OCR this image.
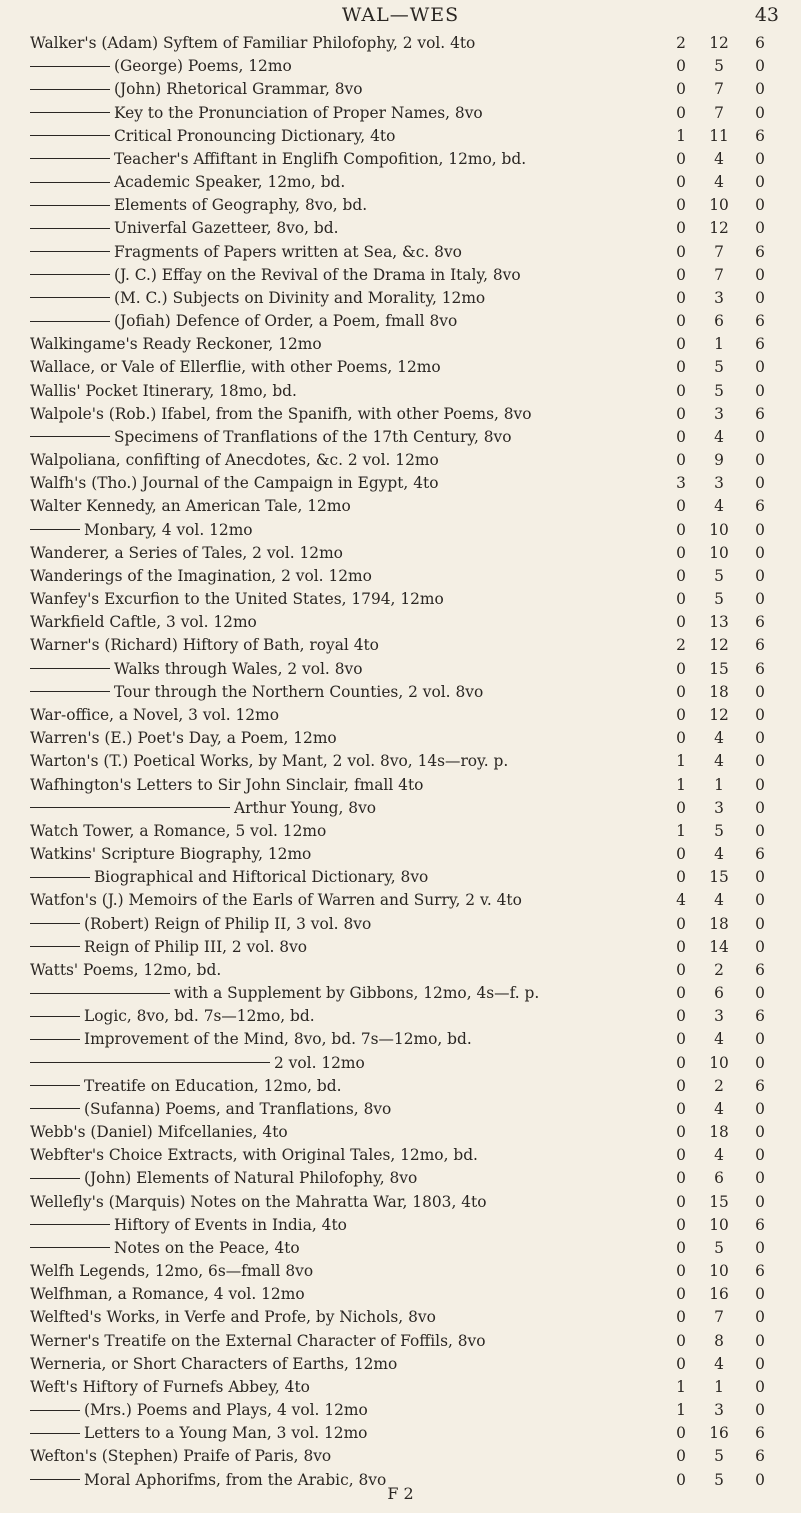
WAL—WES	43
Walker's (Adam) Syftem of Familiar Philofophy, 2 vol. 4to	2	12	6
(George) Poems, 12mo	0	5	0
(John) Rhetorical Grammar, 8vo	0	7	0
Key to the Pronunciation of Proper Names, 8vo	0	7	0
Critical Pronouncing Dictionary, 4to	1	11	6
Teacher's Affiftant in Englifh Compofition, 12mo, bd.	0	4	0
Academic Speaker, 12mo, bd.	0	4	0
Elements of Geography, 8vo, bd.	0	10	0
Univerfal Gazetteer, 8vo, bd.	0	12	0
Fragments of Papers written at Sea, &c. 8vo	0	7	6
(J. C.) Effay on the Revival of the Drama in Italy, 8vo	0	7	0
(M. C.) Subjects on Divinity and Morality, 12mo	0	3	0
(Jofiah) Defence of Order, a Poem, fmall 8vo	0	6	6
Walkingame's Ready Reckoner, 12mo	0	1	6
Wallace, or Vale of Ellerflie, with other Poems, 12mo	0	5	0
Wallis' Pocket Itinerary, 18mo, bd.	0	5	0
Walpole's (Rob.) Ifabel, from the Spanifh, with other Poems, 8vo	0	3	6
Specimens of Tranflations of the 17th Century, 8vo	0	4	0
Walpoliana, confifting of Anecdotes, &c. 2 vol. 12mo	0	9	0
Walfh's (Tho.) Journal of the Campaign in Egypt, 4to	3	3	0
Walter Kennedy, an American Tale, 12mo	0	4	6
Monbary, 4 vol. 12mo	0	10	0
Wanderer, a Series of Tales, 2 vol. 12mo	0	10	0
Wanderings of the Imagination, 2 vol. 12mo	0	5	0
Wanfey's Excurfion to the United States, 1794, 12mo	0	5	0
Warkfield Caftle, 3 vol. 12mo	0	13	6
Warner's (Richard) Hiftory of Bath, royal 4to	2	12	6
Walks through Wales, 2 vol. 8vo	0	15	6
Tour through the Northern Counties, 2 vol. 8vo	0	18	0
War-office, a Novel, 3 vol. 12mo	0	12	0
Warren's (E.) Poet's Day, a Poem, 12mo	0	4	0
Warton's (T.) Poetical Works, by Mant, 2 vol. 8vo, 14s—roy. p.	1	4	0
Wafhington's Letters to Sir John Sinclair, fmall 4to	1	1	0
Arthur Young, 8vo	0	3	0
Watch Tower, a Romance, 5 vol. 12mo	1	5	0
Watkins' Scripture Biography, 12mo	0	4	6
Biographical and Hiftorical Dictionary, 8vo	0	15	0
Watfon's (J.) Memoirs of the Earls of Warren and Surry, 2 v. 4to	4	4	0
(Robert) Reign of Philip II, 3 vol. 8vo	0	18	0
Reign of Philip III, 2 vol. 8vo	0	14	0
Watts' Poems, 12mo, bd.	0	2	6
with a Supplement by Gibbons, 12mo, 4s—f. p.	0	6	0
Logic, 8vo, bd. 7s—12mo, bd.	0	3	6
Improvement of the Mind, 8vo, bd. 7s—12mo, bd.	0	4	0
2 vol. 12mo	0	10	0
Treatife on Education, 12mo, bd.	0	2	6
(Sufanna) Poems, and Tranflations, 8vo	0	4	0
Webb's (Daniel) Mifcellanies, 4to	0	18	0
Webfter's Choice Extracts, with Original Tales, 12mo, bd.	0	4	0
(John) Elements of Natural Philofophy, 8vo	0	6	0
Wellefly's (Marquis) Notes on the Mahratta War, 1803, 4to	0	15	0
Hiftory of Events in India, 4to	0	10	6
Notes on the Peace, 4to	0	5	0
Welfh Legends, 12mo, 6s—fmall 8vo	0	10	6
Welfhman, a Romance, 4 vol. 12mo	0	16	0
Welfted's Works, in Verfe and Profe, by Nichols, 8vo	0	7	0
Werner's Treatife on the External Character of Foffils, 8vo	0	8	0
Werneria, or Short Characters of Earths, 12mo	0	4	0
Weft's Hiftory of Furnefs Abbey, 4to	1	1	0
(Mrs.) Poems and Plays, 4 vol. 12mo	1	3	0
Letters to a Young Man, 3 vol. 12mo	0	16	6
Wefton's (Stephen) Praife of Paris, 8vo	0	5	6
Moral Aphorifms, from the Arabic, 8vo	0	5	0
F 2
